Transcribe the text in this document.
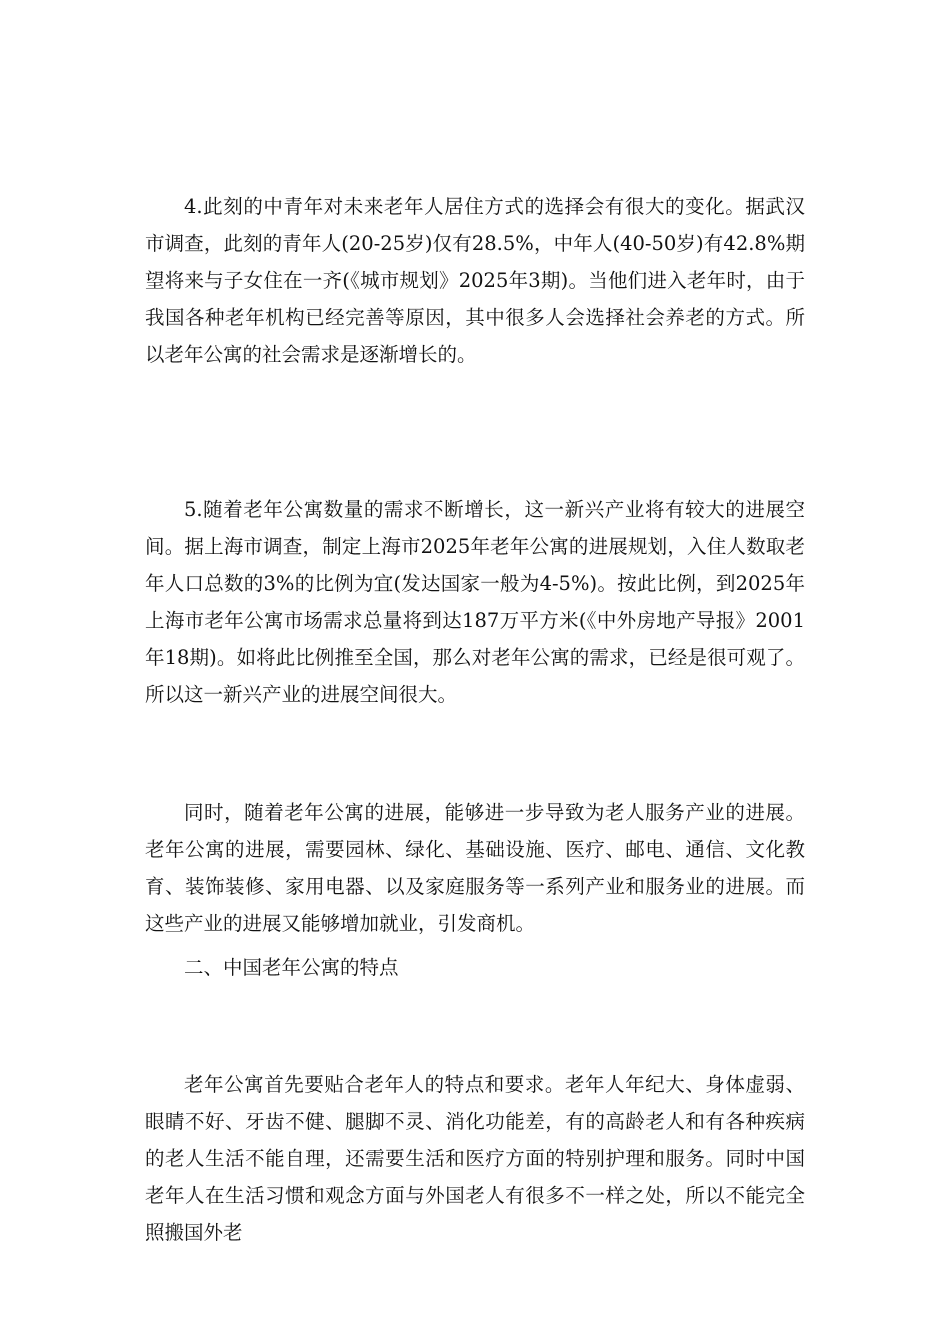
4.此刻的中青年对未来老年人居住方式的选择会有很大的变化。据武汉市调查，此刻的青年人(20-25岁)仅有28.5%，中年人(40-50岁)有42.8%期望将来与子女住在一齐(《城市规划》2025年3期)。当他们进入老年时，由于我国各种老年机构已经完善等原因，其中很多人会选择社会养老的方式。所以老年公寓的社会需求是逐渐增长的。

5.随着老年公寓数量的需求不断增长，这一新兴产业将有较大的进展空间。据上海市调查，制定上海市2025年老年公寓的进展规划，入住人数取老年人口总数的3%的比例为宜(发达国家一般为4-5%)。按此比例，到2025年上海市老年公寓市场需求总量将到达187万平方米(《中外房地产导报》2001年18期)。如将此比例推至全国，那么对老年公寓的需求，已经是很可观了。所以这一新兴产业的进展空间很大。

同时，随着老年公寓的进展，能够进一步导致为老人服务产业的进展。老年公寓的进展，需要园林、绿化、基础设施、医疗、邮电、通信、文化教育、装饰装修、家用电器、以及家庭服务等一系列产业和服务业的进展。而这些产业的进展又能够增加就业，引发商机。

二、中国老年公寓的特点

老年公寓首先要贴合老年人的特点和要求。老年人年纪大、身体虚弱、眼睛不好、牙齿不健、腿脚不灵、消化功能差，有的高龄老人和有各种疾病的老人生活不能自理，还需要生活和医疗方面的特别护理和服务。同时中国老年人在生活习惯和观念方面与外国老人有很多不一样之处，所以不能完全照搬国外老
